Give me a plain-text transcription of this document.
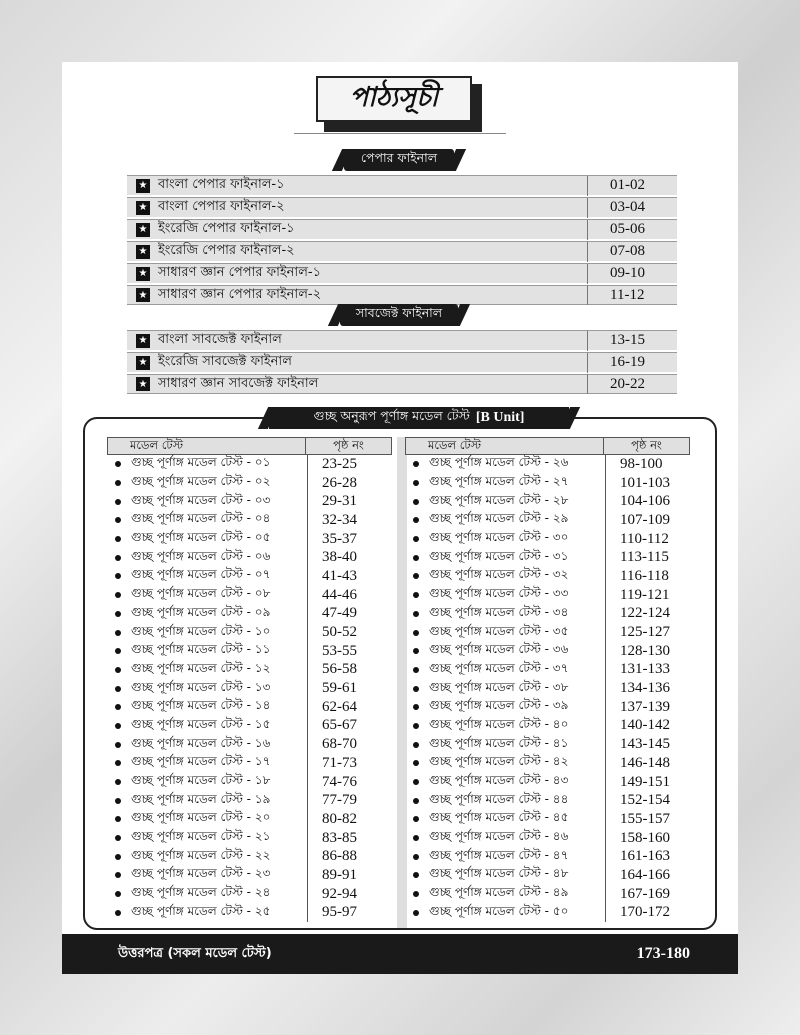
পাঠ্যসূচী
পেপার ফাইনাল
★ বাংলা পেপার ফাইনাল-১	01-02
★ বাংলা পেপার ফাইনাল-২	03-04
★ ইংরেজি পেপার ফাইনাল-১	05-06
★ ইংরেজি পেপার ফাইনাল-২	07-08
★ সাধারণ জ্ঞান পেপার ফাইনাল-১	09-10
★ সাধারণ জ্ঞান পেপার ফাইনাল-২	11-12
সাবজেক্ট ফাইনাল
★ বাংলা সাবজেক্ট ফাইনাল	13-15
★ ইংরেজি সাবজেক্ট ফাইনাল	16-19
★ সাধারণ জ্ঞান সাবজেক্ট ফাইনাল	20-22
গুচ্ছ অনুরূপ পূর্ণাঙ্গ মডেল টেস্ট [B Unit]
মডেল টেস্ট	পৃষ্ঠ নং
গুচ্ছ পূর্ণাঙ্গ মডেল টেস্ট - ০১	23-25
গুচ্ছ পূর্ণাঙ্গ মডেল টেস্ট - ০২	26-28
গুচ্ছ পূর্ণাঙ্গ মডেল টেস্ট - ০৩	29-31
গুচ্ছ পূর্ণাঙ্গ মডেল টেস্ট - ০৪	32-34
গুচ্ছ পূর্ণাঙ্গ মডেল টেস্ট - ০৫	35-37
গুচ্ছ পূর্ণাঙ্গ মডেল টেস্ট - ০৬	38-40
গুচ্ছ পূর্ণাঙ্গ মডেল টেস্ট - ০৭	41-43
গুচ্ছ পূর্ণাঙ্গ মডেল টেস্ট - ০৮	44-46
গুচ্ছ পূর্ণাঙ্গ মডেল টেস্ট - ০৯	47-49
গুচ্ছ পূর্ণাঙ্গ মডেল টেস্ট - ১০	50-52
গুচ্ছ পূর্ণাঙ্গ মডেল টেস্ট - ১১	53-55
গুচ্ছ পূর্ণাঙ্গ মডেল টেস্ট - ১২	56-58
গুচ্ছ পূর্ণাঙ্গ মডেল টেস্ট - ১৩	59-61
গুচ্ছ পূর্ণাঙ্গ মডেল টেস্ট - ১৪	62-64
গুচ্ছ পূর্ণাঙ্গ মডেল টেস্ট - ১৫	65-67
গুচ্ছ পূর্ণাঙ্গ মডেল টেস্ট - ১৬	68-70
গুচ্ছ পূর্ণাঙ্গ মডেল টেস্ট - ১৭	71-73
গুচ্ছ পূর্ণাঙ্গ মডেল টেস্ট - ১৮	74-76
গুচ্ছ পূর্ণাঙ্গ মডেল টেস্ট - ১৯	77-79
গুচ্ছ পূর্ণাঙ্গ মডেল টেস্ট - ২০	80-82
গুচ্ছ পূর্ণাঙ্গ মডেল টেস্ট - ২১	83-85
গুচ্ছ পূর্ণাঙ্গ মডেল টেস্ট - ২২	86-88
গুচ্ছ পূর্ণাঙ্গ মডেল টেস্ট - ২৩	89-91
গুচ্ছ পূর্ণাঙ্গ মডেল টেস্ট - ২৪	92-94
গুচ্ছ পূর্ণাঙ্গ মডেল টেস্ট - ২৫	95-97
মডেল টেস্ট	পৃষ্ঠ নং
গুচ্ছ পূর্ণাঙ্গ মডেল টেস্ট - ২৬	98-100
গুচ্ছ পূর্ণাঙ্গ মডেল টেস্ট - ২৭	101-103
গুচ্ছ পূর্ণাঙ্গ মডেল টেস্ট - ২৮	104-106
গুচ্ছ পূর্ণাঙ্গ মডেল টেস্ট - ২৯	107-109
গুচ্ছ পূর্ণাঙ্গ মডেল টেস্ট - ৩০	110-112
গুচ্ছ পূর্ণাঙ্গ মডেল টেস্ট - ৩১	113-115
গুচ্ছ পূর্ণাঙ্গ মডেল টেস্ট - ৩২	116-118
গুচ্ছ পূর্ণাঙ্গ মডেল টেস্ট - ৩৩	119-121
গুচ্ছ পূর্ণাঙ্গ মডেল টেস্ট - ৩৪	122-124
গুচ্ছ পূর্ণাঙ্গ মডেল টেস্ট - ৩৫	125-127
গুচ্ছ পূর্ণাঙ্গ মডেল টেস্ট - ৩৬	128-130
গুচ্ছ পূর্ণাঙ্গ মডেল টেস্ট - ৩৭	131-133
গুচ্ছ পূর্ণাঙ্গ মডেল টেস্ট - ৩৮	134-136
গুচ্ছ পূর্ণাঙ্গ মডেল টেস্ট - ৩৯	137-139
গুচ্ছ পূর্ণাঙ্গ মডেল টেস্ট - ৪০	140-142
গুচ্ছ পূর্ণাঙ্গ মডেল টেস্ট - ৪১	143-145
গুচ্ছ পূর্ণাঙ্গ মডেল টেস্ট - ৪২	146-148
গুচ্ছ পূর্ণাঙ্গ মডেল টেস্ট - ৪৩	149-151
গুচ্ছ পূর্ণাঙ্গ মডেল টেস্ট - ৪৪	152-154
গুচ্ছ পূর্ণাঙ্গ মডেল টেস্ট - ৪৫	155-157
গুচ্ছ পূর্ণাঙ্গ মডেল টেস্ট - ৪৬	158-160
গুচ্ছ পূর্ণাঙ্গ মডেল টেস্ট - ৪৭	161-163
গুচ্ছ পূর্ণাঙ্গ মডেল টেস্ট - ৪৮	164-166
গুচ্ছ পূর্ণাঙ্গ মডেল টেস্ট - ৪৯	167-169
গুচ্ছ পূর্ণাঙ্গ মডেল টেস্ট - ৫০	170-172
উত্তরপত্র (সকল মডেল টেস্ট)	173-180
